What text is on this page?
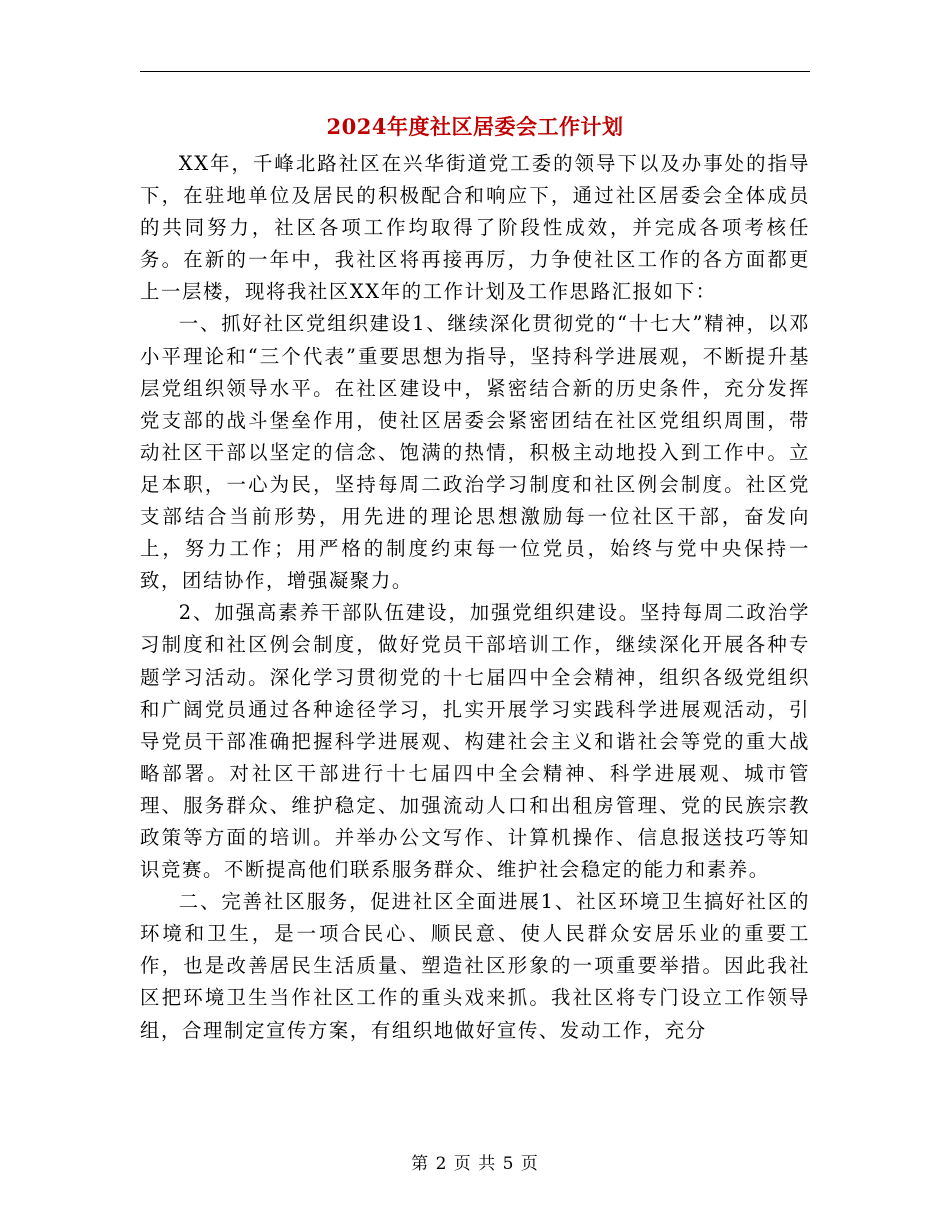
2024年度社区居委会工作计划

XX年，千峰北路社区在兴华街道党工委的领导下以及办事处的指导下，在驻地单位及居民的积极配合和响应下，通过社区居委会全体成员的共同努力，社区各项工作均取得了阶段性成效，并完成各项考核任务。在新的一年中，我社区将再接再厉，力争使社区工作的各方面都更上一层楼，现将我社区XX年的工作计划及工作思路汇报如下：

一、抓好社区党组织建设1、继续深化贯彻党的“十七大”精神，以邓小平理论和“三个代表”重要思想为指导，坚持科学进展观，不断提升基层党组织领导水平。在社区建设中，紧密结合新的历史条件，充分发挥党支部的战斗堡垒作用，使社区居委会紧密团结在社区党组织周围，带动社区干部以坚定的信念、饱满的热情，积极主动地投入到工作中。立足本职，一心为民，坚持每周二政治学习制度和社区例会制度。社区党支部结合当前形势，用先进的理论思想激励每一位社区干部，奋发向上，努力工作；用严格的制度约束每一位党员，始终与党中央保持一致，团结协作，增强凝聚力。

2、加强高素养干部队伍建设，加强党组织建设。坚持每周二政治学习制度和社区例会制度，做好党员干部培训工作，继续深化开展各种专题学习活动。深化学习贯彻党的十七届四中全会精神，组织各级党组织和广阔党员通过各种途径学习，扎实开展学习实践科学进展观活动，引导党员干部准确把握科学进展观、构建社会主义和谐社会等党的重大战略部署。对社区干部进行十七届四中全会精神、科学进展观、城市管理、服务群众、维护稳定、加强流动人口和出租房管理、党的民族宗教政策等方面的培训。并举办公文写作、计算机操作、信息报送技巧等知识竞赛。不断提高他们联系服务群众、维护社会稳定的能力和素养。

二、完善社区服务，促进社区全面进展1、社区环境卫生搞好社区的环境和卫生，是一项合民心、顺民意、使人民群众安居乐业的重要工作，也是改善居民生活质量、塑造社区形象的一项重要举措。因此我社区把环境卫生当作社区工作的重头戏来抓。我社区将专门设立工作领导组，合理制定宣传方案，有组织地做好宣传、发动工作，充分

第 2 页 共 5 页
